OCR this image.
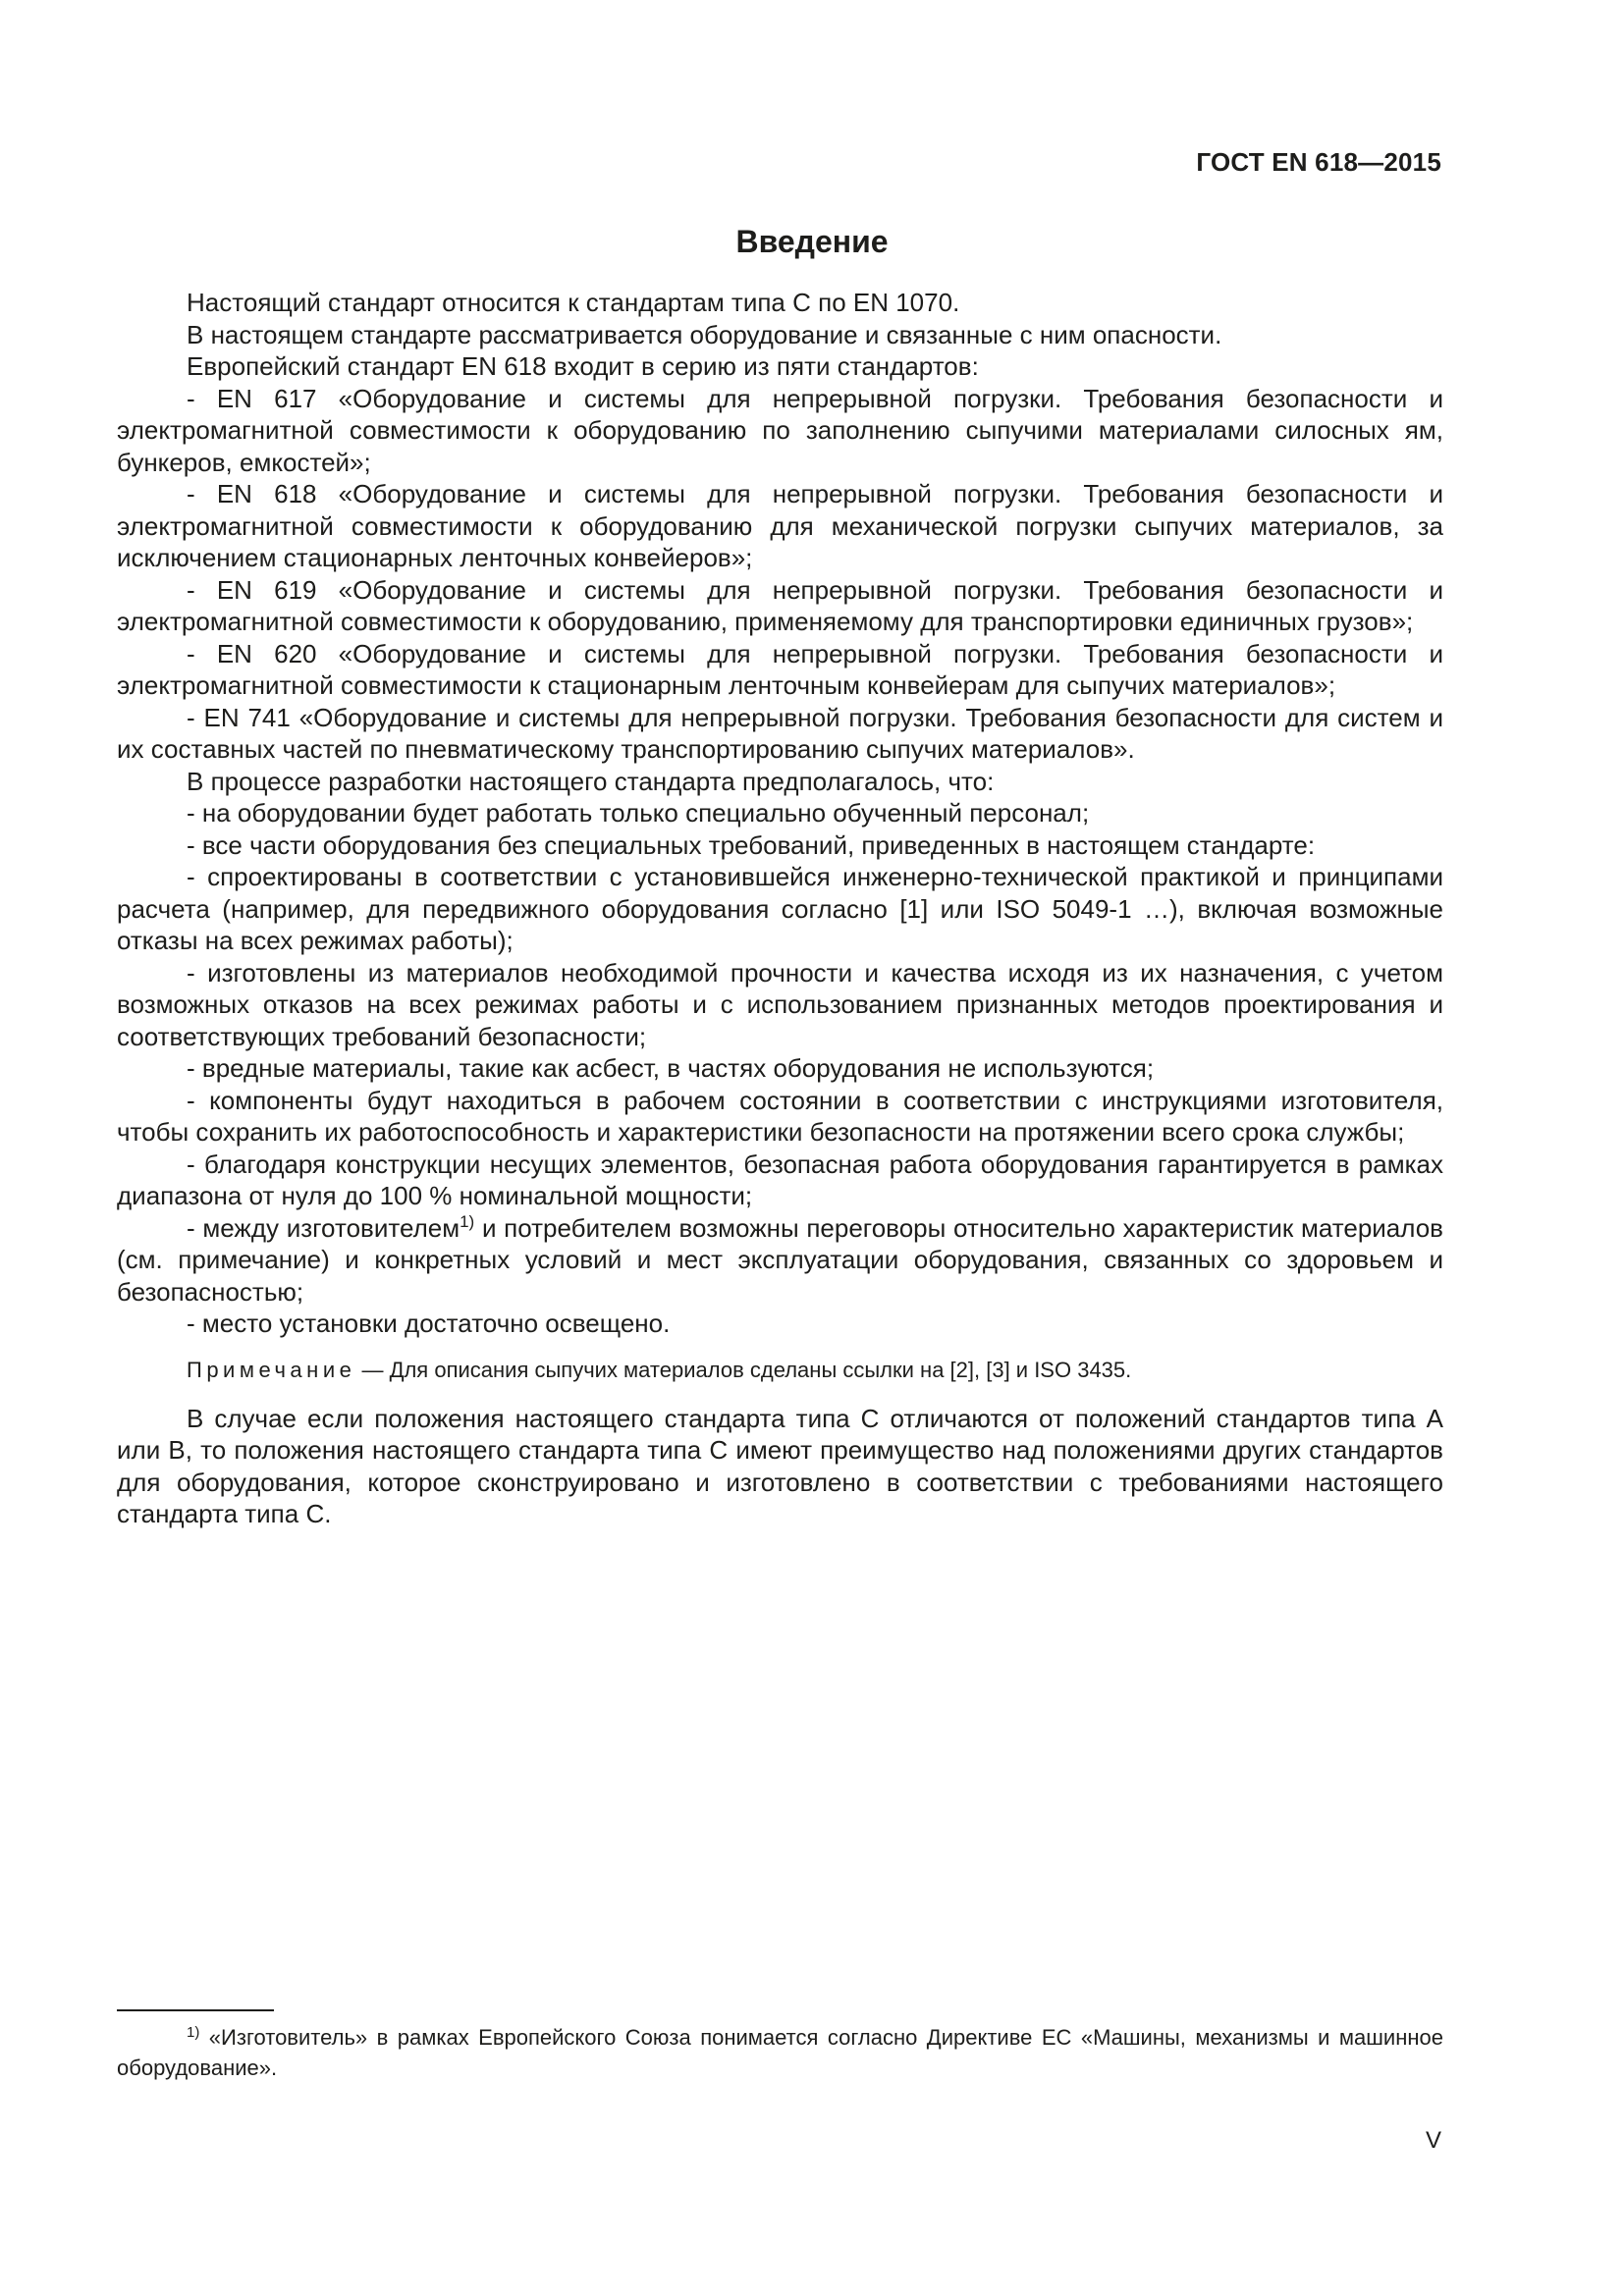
ГОСТ EN 618—2015
Введение

Настоящий стандарт относится к стандартам типа С по EN 1070.

В настоящем стандарте рассматривается оборудование и связанные с ним опасности.

Европейский стандарт EN 618 входит в серию из пяти стандартов:

- EN 617 «Оборудование и системы для непрерывной погрузки. Требования безопасности и электромагнитной совместимости к оборудованию по заполнению сыпучими материалами силосных ям, бункеров, емкостей»;

- EN 618 «Оборудование и системы для непрерывной погрузки. Требования безопасности и электромагнитной совместимости к оборудованию для механической погрузки сыпучих материалов, за исключением стационарных ленточных конвейеров»;

- EN 619 «Оборудование и системы для непрерывной погрузки. Требования безопасности и электромагнитной совместимости к оборудованию, применяемому для транспортировки единичных грузов»;

- EN 620 «Оборудование и системы для непрерывной погрузки. Требования безопасности и электромагнитной совместимости к стационарным ленточным конвейерам для сыпучих материалов»;

- EN 741 «Оборудование и системы для непрерывной погрузки. Требования безопасности для систем и их составных частей по пневматическому транспортированию сыпучих материалов».

В процессе разработки настоящего стандарта предполагалось, что:

- на оборудовании будет работать только специально обученный персонал;

- все части оборудования без специальных требований, приведенных в настоящем стандарте:

- спроектированы в соответствии с установившейся инженерно-технической практикой и принципами расчета (например, для передвижного оборудования согласно [1] или ISO 5049-1 …), включая возможные отказы на всех режимах работы);

- изготовлены из материалов необходимой прочности и качества исходя из их назначения, с учетом возможных отказов на всех режимах работы и с использованием признанных методов проектирования и соответствующих требований безопасности;

- вредные материалы, такие как асбест, в частях оборудования не используются;

- компоненты будут находиться в рабочем состоянии в соответствии с инструкциями изготовителя, чтобы сохранить их работоспособность и характеристики безопасности на протяжении всего срока службы;

- благодаря конструкции несущих элементов, безопасная работа оборудования гарантируется в рамках диапазона от нуля до 100 % номинальной мощности;

- между изготовителем$^{1)}$ и потребителем возможны переговоры относительно характеристик материалов (см. примечание) и конкретных условий и мест эксплуатации оборудования, связанных со здоровьем и безопасностью;

- место установки достаточно освещено.

Примечание — Для описания сыпучих материалов сделаны ссылки на [2], [3] и ISO 3435.

В случае если положения настоящего стандарта типа С отличаются от положений стандартов типа А или В, то положения настоящего стандарта типа С имеют преимущество над положениями других стандартов для оборудования, которое сконструировано и изготовлено в соответствии с требованиями настоящего стандарта типа С.

$^{1)}$ «Изготовитель» в рамках Европейского Союза понимается согласно Директиве ЕС «Машины, механизмы и машинное оборудование».

V
